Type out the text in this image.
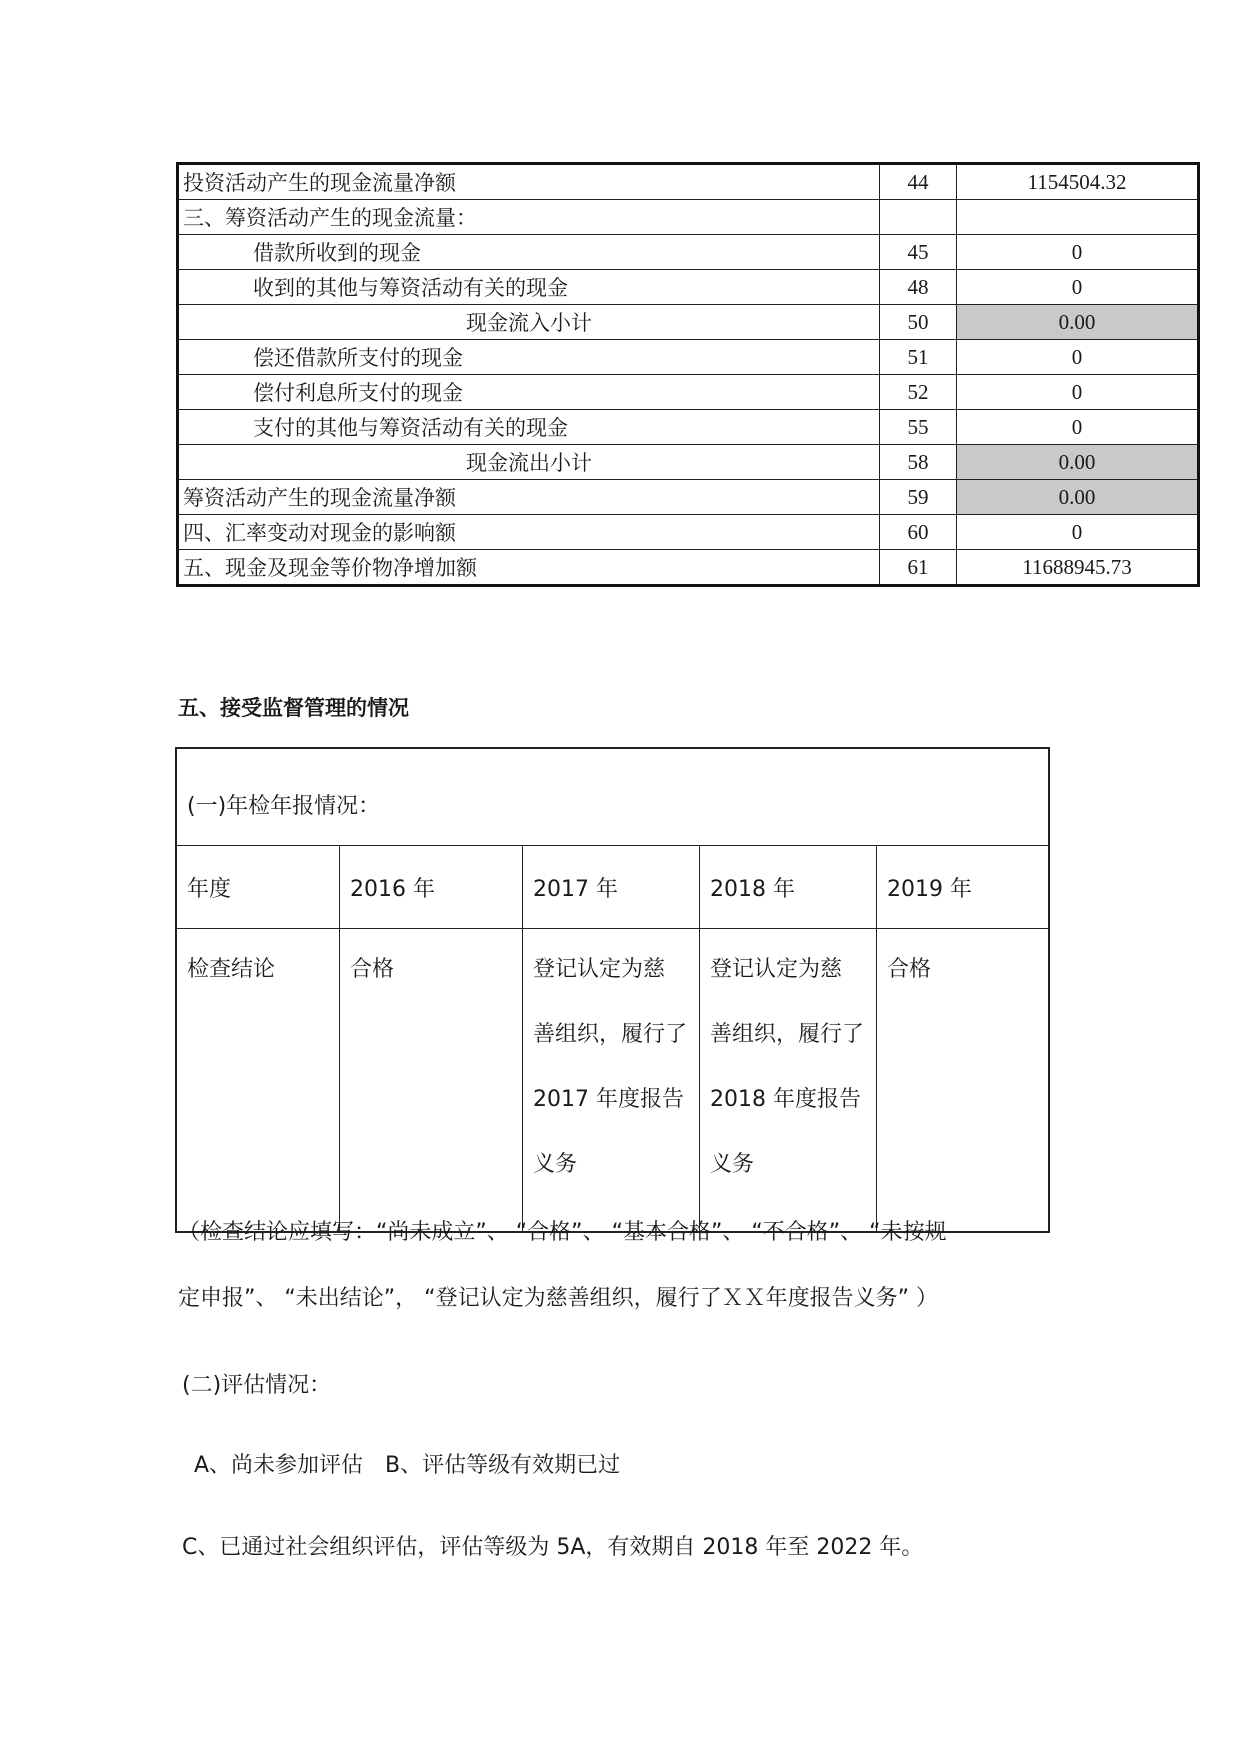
投资活动产生的现金流量净额	44	1154504.32
三、筹资活动产生的现金流量：		
借款所收到的现金	45	0
收到的其他与筹资活动有关的现金	48	0
现金流入小计	50	0.00
偿还借款所支付的现金	51	0
偿付利息所支付的现金	52	0
支付的其他与筹资活动有关的现金	55	0
现金流出小计	58	0.00
筹资活动产生的现金流量净额	59	0.00
四、汇率变动对现金的影响额	60	0
五、现金及现金等价物净增加额	61	11688945.73
五、接受监督管理的情况
(一)年检年报情况：				
年度	2016 年	2017 年	2018 年	2019 年

检查结论	合格	登记认定为慈
善组织，履行了
2017 年度报告
义务	登记认定为慈
善组织，履行了
2018 年度报告
义务	合格
（检查结论应填写：“尚未成立”、 “合格”、 “基本合格”、 “不合格”、 “未按规
定申报”、 “未出结论”， “登记认定为慈善组织，履行了ＸＸ年度报告义务” ）
(二)评估情况：
A、尚未参加评估　B、评估等级有效期已过
C、已通过社会组织评估，评估等级为 5A，有效期自 2018 年至 2022 年。
